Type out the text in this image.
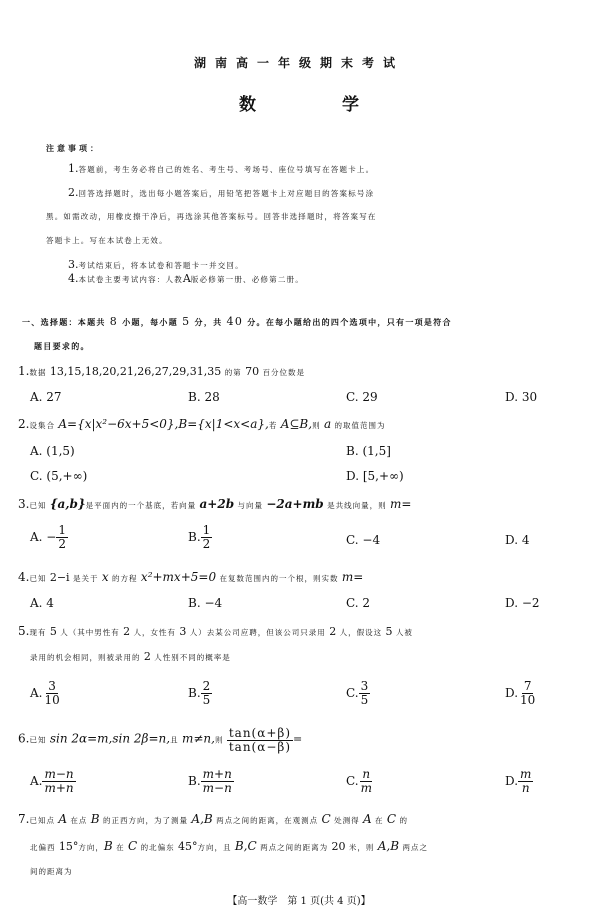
湖南高一年级期末考试
数 学
注意事项：
1.答题前，考生务必将自己的姓名、考生号、考场号、座位号填写在答题卡上。
2.回答选择题时，选出每小题答案后，用铅笔把答题卡上对应题目的答案标号涂
黑。如需改动，用橡皮擦干净后，再选涂其他答案标号。回答非选择题时，将答案写在
答题卡上。写在本试卷上无效。
3.考试结束后，将本试卷和答题卡一并交回。
4.本试卷主要考试内容：人教A版必修第一册、必修第二册。
一、选择题：本题共 8 小题，每小题 5 分，共 40 分。在每小题给出的四个选项中，只有一项是符合
题目要求的。
1.数据 13,15,18,20,21,26,27,29,31,35 的第 70 百分位数是
A. 27	B. 28	C. 29	D. 30
2.设集合 A={x|x²−6x+5<0},B={x|1<x<a},若 A⊆B,则 a 的取值范围为
A. (1,5)	B. (1,5]
C. (5,+∞)	D. [5,+∞)
3.已知 {a,b}是平面内的一个基底，若向量 a+2b 与向量 −2a+mb 是共线向量，则 m=
A. − $\frac{1}{2}$	B. $\frac{1}{2}$	C. −4	D. 4
4.已知 2−i 是关于 x 的方程 x²+mx+5=0 在复数范围内的一个根，则实数 m=
A. 4	B. −4	C. 2	D. −2
5.现有 5 人（其中男性有 2 人，女性有 3 人）去某公司应聘，但该公司只录用 2 人，假设这 5 人被
录用的机会相同，则被录用的 2 人性别不同的概率是
A. $\frac{3}{10}$	B. $\frac{2}{5}$	C. $\frac{3}{5}$	D. $\frac{7}{10}$
6.已知 sin 2α=m,sin 2β=n,且 m≠n,则 $\frac{\tan(\alpha+\beta)}{\tan(\alpha-\beta)}$ =
A. $\frac{m-n}{m+n}$	B. $\frac{m+n}{m-n}$	C. $\frac{n}{m}$	D. $\frac{m}{n}$
7.已知点 A 在点 B 的正西方向，为了测量 A,B 两点之间的距离，在观测点 C 处测得 A 在 C 的
北偏西 15°方向，B 在 C 的北偏东 45°方向，且 B,C 两点之间的距离为 20 米，则 A,B 两点之
间的距离为
【高一数学　第 1 页(共 4 页)】
